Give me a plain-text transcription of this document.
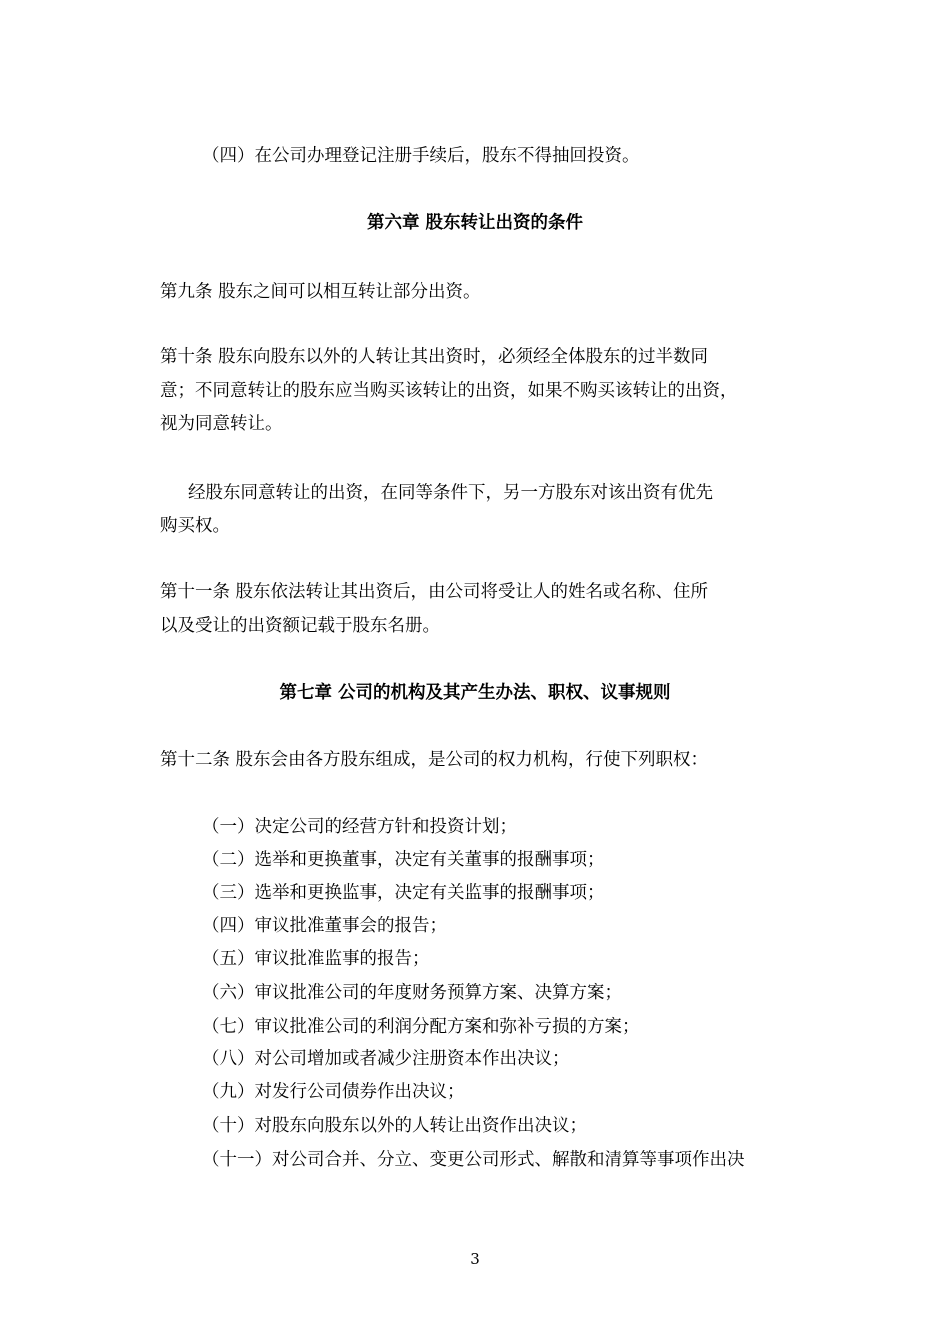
（四）在公司办理登记注册手续后，股东不得抽回投资。
第六章 股东转让出资的条件
第九条 股东之间可以相互转让部分出资。
第十条 股东向股东以外的人转让其出资时，必须经全体股东的过半数同
意；不同意转让的股东应当购买该转让的出资，如果不购买该转让的出资，
视为同意转让。
经股东同意转让的出资，在同等条件下，另一方股东对该出资有优先
购买权。
第十一条 股东依法转让其出资后，由公司将受让人的姓名或名称、住所
以及受让的出资额记载于股东名册。
第七章 公司的机构及其产生办法、职权、议事规则
第十二条 股东会由各方股东组成，是公司的权力机构，行使下列职权：
（一）决定公司的经营方针和投资计划；
（二）选举和更换董事，决定有关董事的报酬事项；
（三）选举和更换监事，决定有关监事的报酬事项；
（四）审议批准董事会的报告；
（五）审议批准监事的报告；
（六）审议批准公司的年度财务预算方案、决算方案；
（七）审议批准公司的利润分配方案和弥补亏损的方案；
（八）对公司增加或者减少注册资本作出决议；
（九）对发行公司债券作出决议；
（十）对股东向股东以外的人转让出资作出决议；
（十一）对公司合并、分立、变更公司形式、解散和清算等事项作出决
3
